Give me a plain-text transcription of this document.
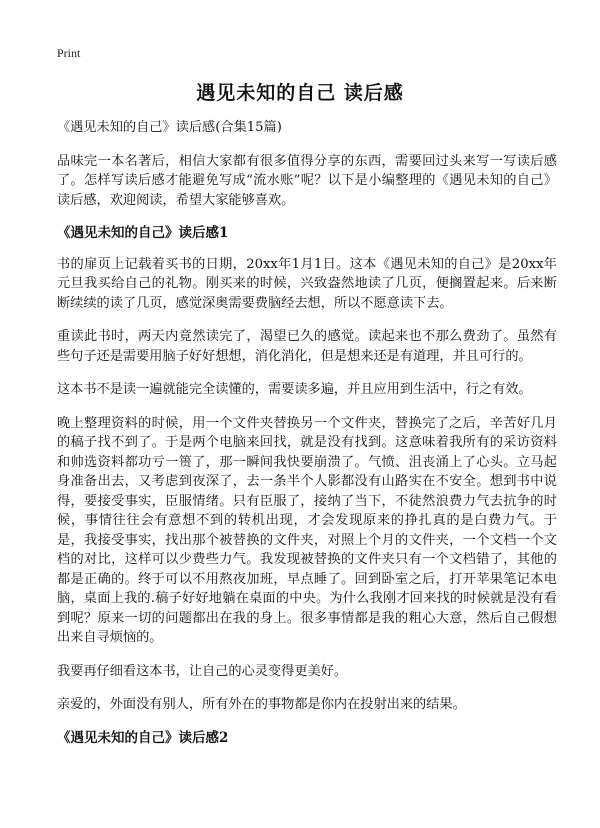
Print
遇见未知的自己 读后感

《遇见未知的自己》读后感(合集15篇)

品味完一本名著后，相信大家都有很多值得分享的东西，需要回过头来写一写读后感了。怎样写读后感才能避免写成“流水账”呢？以下是小编整理的《遇见未知的自己》读后感，欢迎阅读，希望大家能够喜欢。

《遇见未知的自己》读后感1

书的扉页上记载着买书的日期，20xx年1月1日。这本《遇见未知的自己》是20xx年元旦我买给自己的礼物。刚买来的时候，兴致盎然地读了几页，便搁置起来。后来断断续续的读了几页，感觉深奥需要费脑经去想，所以不愿意读下去。

重读此书时，两天内竟然读完了，渴望已久的感觉。读起来也不那么费劲了。虽然有些句子还是需要用脑子好好想想，消化消化，但是想来还是有道理，并且可行的。

这本书不是读一遍就能完全读懂的，需要读多遍，并且应用到生活中，行之有效。

晚上整理资料的时候，用一个文件夹替换另一个文件夹，替换完了之后，辛苦好几月的稿子找不到了。于是两个电脑来回找，就是没有找到。这意味着我所有的采访资料和帅选资料都功亏一篑了，那一瞬间我快要崩溃了。气愤、沮丧涌上了心头。立马起身准备出去，又考虑到夜深了，去一条半个人影都没有山路实在不安全。想到书中说得，要接受事实，臣服情绪。只有臣服了，接纳了当下，不徒然浪费力气去抗争的时候，事情往往会有意想不到的转机出现，才会发现原来的挣扎真的是白费力气。于是，我接受事实，找出那个被替换的文件夹，对照上个月的文件夹，一个文档一个文档的对比，这样可以少费些力气。我发现被替换的文件夹只有一个文档错了，其他的都是正确的。终于可以不用熬夜加班，早点睡了。回到卧室之后，打开苹果笔记本电脑，桌面上我的.稿子好好地躺在桌面的中央。为什么我刚才回来找的时候就是没有看到呢？原来一切的问题都出在我的身上。很多事情都是我的粗心大意，然后自己假想出来自寻烦恼的。

我要再仔细看这本书，让自己的心灵变得更美好。

亲爱的，外面没有别人，所有外在的事物都是你内在投射出来的结果。

《遇见未知的自己》读后感2
